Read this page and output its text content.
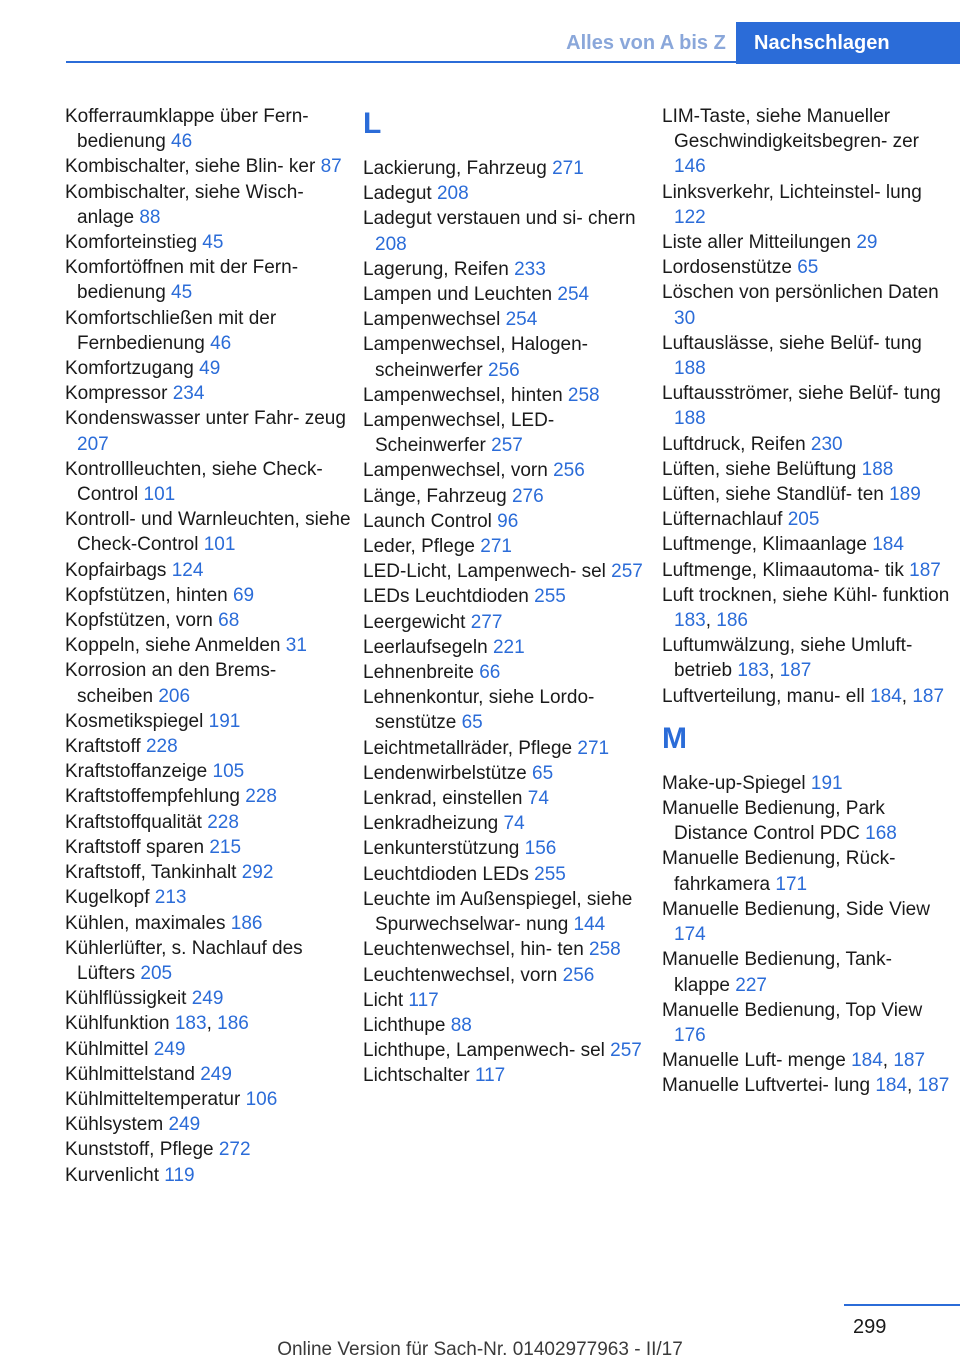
Alles von A bis Z	Nachschlagen
Kofferraumklappe über Fern‐ bedienung 46
Kombischalter, siehe Blin‐ ker 87
Kombischalter, siehe Wisch‐ anlage 88
Komforteinstieg 45
Komfortöffnen mit der Fern‐ bedienung 45
Komfortschließen mit der Fernbedienung 46
Komfortzugang 49
Kompressor 234
Kondenswasser unter Fahr‐ zeug 207
Kontrollleuchten, siehe Check-Control 101
Kontroll- und Warnleuchten, siehe Check-Control 101
Kopfairbags 124
Kopfstützen, hinten 69
Kopfstützen, vorn 68
Koppeln, siehe Anmelden 31
Korrosion an den Brems‐ scheiben 206
Kosmetikspiegel 191
Kraftstoff 228
Kraftstoffanzeige 105
Kraftstoffempfehlung 228
Kraftstoffqualität 228
Kraftstoff sparen 215
Kraftstoff, Tankinhalt 292
Kugelkopf 213
Kühlen, maximales 186
Kühlerlüfter, s. Nachlauf des Lüfters 205
Kühlflüssigkeit 249
Kühlfunktion 183, 186
Kühlmittel 249
Kühlmittelstand 249
Kühlmitteltemperatur 106
Kühlsystem 249
Kunststoff, Pflege 272
Kurvenlicht 119
L
Lackierung, Fahrzeug 271
Ladegut 208
Ladegut verstauen und si‐ chern 208
Lagerung, Reifen 233
Lampen und Leuchten 254
Lampenwechsel 254
Lampenwechsel, Halogen‐ scheinwerfer 256
Lampenwechsel, hinten 258
Lampenwechsel, LED- Scheinwerfer 257
Lampenwechsel, vorn 256
Länge, Fahrzeug 276
Launch Control 96
Leder, Pflege 271
LED-Licht, Lampenwech‐ sel 257
LEDs Leuchtdioden 255
Leergewicht 277
Leerlaufsegeln 221
Lehnenbreite 66
Lehnenkontur, siehe Lordo‐ senstütze 65
Leichtmetallräder, Pflege 271
Lendenwirbelstütze 65
Lenkrad, einstellen 74
Lenkradheizung 74
Lenkunterstützung 156
Leuchtdioden LEDs 255
Leuchte im Außenspiegel, siehe Spurwechselwar‐ nung 144
Leuchtenwechsel, hin‐ ten 258
Leuchtenwechsel, vorn 256
Licht 117
Lichthupe 88
Lichthupe, Lampenwech‐ sel 257
Lichtschalter 117
LIM-Taste, siehe Manueller Geschwindigkeitsbegren‐ zer 146
Linksverkehr, Lichteinstel‐ lung 122
Liste aller Mitteilungen 29
Lordosenstütze 65
Löschen von persönlichen Daten 30
Luftauslässe, siehe Belüf‐ tung 188
Luftausströmer, siehe Belüf‐ tung 188
Luftdruck, Reifen 230
Lüften, siehe Belüftung 188
Lüften, siehe Standlüf‐ ten 189
Lüfternachlauf 205
Luftmenge, Klimaanlage 184
Luftmenge, Klimaautoma‐ tik 187
Luft trocknen, siehe Kühl‐ funktion 183, 186
Luftumwälzung, siehe Umluft‐ betrieb 183, 187
Luftverteilung, manu‐ ell 184, 187
M
Make-up-Spiegel 191
Manuelle Bedienung, Park Distance Control PDC 168
Manuelle Bedienung, Rück‐ fahrkamera 171
Manuelle Bedienung, Side View 174
Manuelle Bedienung, Tank‐ klappe 227
Manuelle Bedienung, Top View 176
Manuelle Luft‐ menge 184, 187
Manuelle Luftvertei‐ lung 184, 187
299
Online Version für Sach-Nr. 01402977963 - II/17
